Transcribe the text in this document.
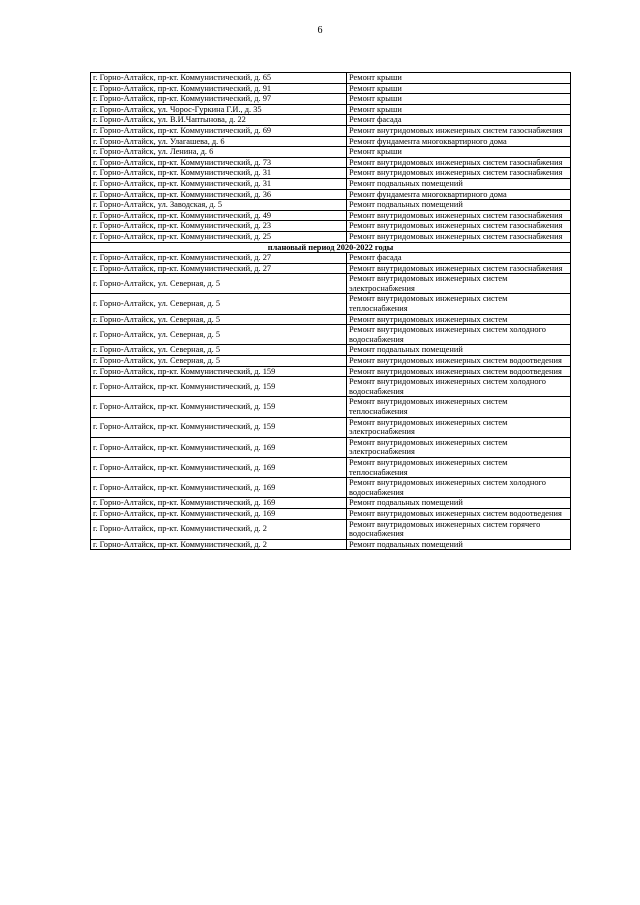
6
г. Горно-Алтайск, пр-кт. Коммунистический, д. 65	Ремонт крыши
г. Горно-Алтайск, пр-кт. Коммунистический, д. 91	Ремонт крыши
г. Горно-Алтайск, пр-кт. Коммунистический, д. 97	Ремонт крыши
г. Горно-Алтайск, ул. Чорос-Гуркина Г.И., д. 35	Ремонт крыши
г. Горно-Алтайск, ул. В.И.Чаптынова, д. 22	Ремонт фасада
г. Горно-Алтайск, пр-кт. Коммунистический, д. 69	Ремонт внутридомовых инженерных систем газоснабжения
г. Горно-Алтайск, ул. Улагашева, д. 6	Ремонт фундамента многоквартирного дома
г. Горно-Алтайск, ул. Ленина, д. 6	Ремонт крыши
г. Горно-Алтайск, пр-кт. Коммунистический, д. 73	Ремонт внутридомовых инженерных систем газоснабжения
г. Горно-Алтайск, пр-кт. Коммунистический, д. 31	Ремонт внутридомовых инженерных систем газоснабжения
г. Горно-Алтайск, пр-кт. Коммунистический, д. 31	Ремонт подвальных помещений
г. Горно-Алтайск, пр-кт. Коммунистический, д. 36	Ремонт фундамента многоквартирного дома
г. Горно-Алтайск, ул. Заводская, д. 5	Ремонт подвальных помещений
г. Горно-Алтайск, пр-кт. Коммунистический, д. 49	Ремонт внутридомовых инженерных систем газоснабжения
г. Горно-Алтайск, пр-кт. Коммунистический, д. 23	Ремонт внутридомовых инженерных систем газоснабжения
г. Горно-Алтайск, пр-кт. Коммунистический, д. 25	Ремонт внутридомовых инженерных систем газоснабжения
плановый период 2020-2022 годы	
г. Горно-Алтайск, пр-кт. Коммунистический, д. 27	Ремонт фасада
г. Горно-Алтайск, пр-кт. Коммунистический, д. 27	Ремонт внутридомовых инженерных систем газоснабжения
г. Горно-Алтайск, ул. Северная, д. 5	Ремонт внутридомовых инженерных систем электроснабжения
г. Горно-Алтайск, ул. Северная, д. 5	Ремонт внутридомовых инженерных систем теплоснабжения
г. Горно-Алтайск, ул. Северная, д. 5	Ремонт внутридомовых инженерных систем
г. Горно-Алтайск, ул. Северная, д. 5	Ремонт внутридомовых инженерных систем холодного водоснабжения
г. Горно-Алтайск, ул. Северная, д. 5	Ремонт подвальных помещений
г. Горно-Алтайск, ул. Северная, д. 5	Ремонт внутридомовых инженерных систем водоотведения
г. Горно-Алтайск, пр-кт. Коммунистический, д. 159	Ремонт внутридомовых инженерных систем водоотведения
г. Горно-Алтайск, пр-кт. Коммунистический, д. 159	Ремонт внутридомовых инженерных систем холодного водоснабжения
г. Горно-Алтайск, пр-кт. Коммунистический, д. 159	Ремонт внутридомовых инженерных систем теплоснабжения
г. Горно-Алтайск, пр-кт. Коммунистический, д. 159	Ремонт внутридомовых инженерных систем электроснабжения
г. Горно-Алтайск, пр-кт. Коммунистический, д. 169	Ремонт внутридомовых инженерных систем электроснабжения
г. Горно-Алтайск, пр-кт. Коммунистический, д. 169	Ремонт внутридомовых инженерных систем теплоснабжения
г. Горно-Алтайск, пр-кт. Коммунистический, д. 169	Ремонт внутридомовых инженерных систем холодного водоснабжения
г. Горно-Алтайск, пр-кт. Коммунистический, д. 169	Ремонт подвальных помещений
г. Горно-Алтайск, пр-кт. Коммунистический, д. 169	Ремонт внутридомовых инженерных систем водоотведения
г. Горно-Алтайск, пр-кт. Коммунистический, д. 2	Ремонт внутридомовых инженерных систем горячего водоснабжения
г. Горно-Алтайск, пр-кт. Коммунистический, д. 2	Ремонт подвальных помещений
